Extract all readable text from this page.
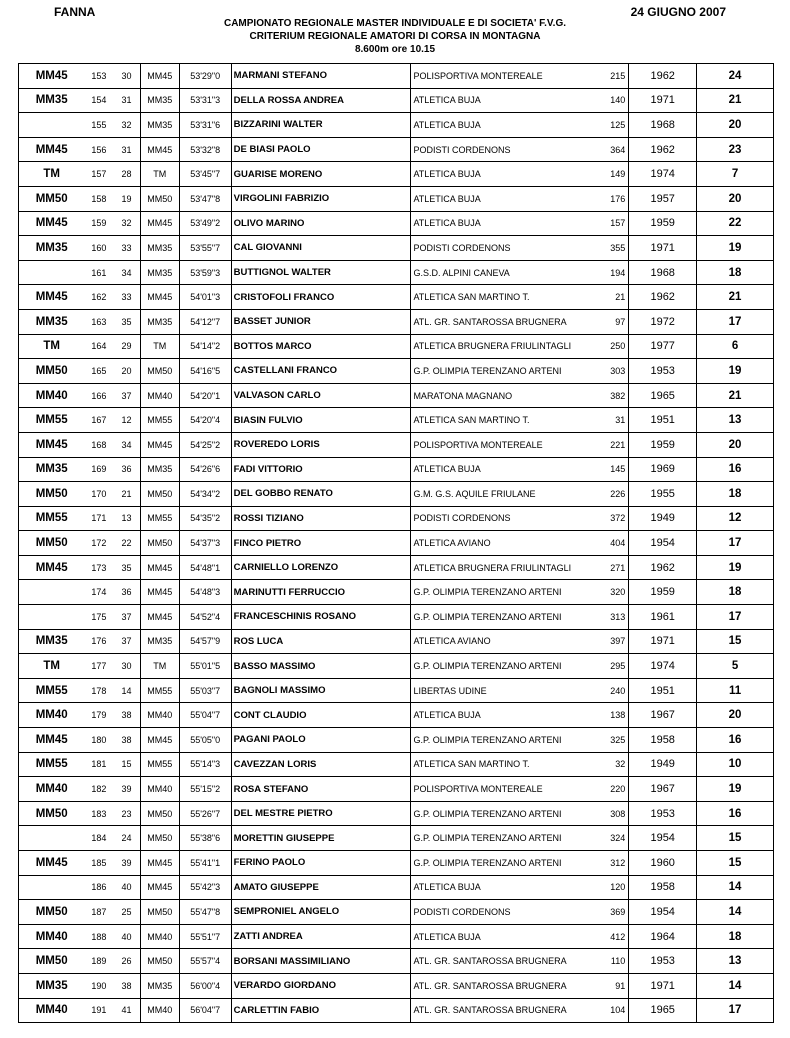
FANNA	24 GIUGNO 2007
CAMPIONATO REGIONALE MASTER INDIVIDUALE E DI SOCIETA' F.V.G.
CRITERIUM REGIONALE AMATORI DI CORSA IN MONTAGNA
8.600m ore 10.15
MM45	153	30	MM45	53'29"0	MARMANI STEFANO	POLISPORTIVA MONTEREALE	215	1962	24
MM35	154	31	MM35	53'31"3	DELLA ROSSA ANDREA	ATLETICA BUJA	140	1971	21
	155	32	MM35	53'31"6	BIZZARINI WALTER	ATLETICA BUJA	125	1968	20
MM45	156	31	MM45	53'32"8	DE BIASI PAOLO	PODISTI CORDENONS	364	1962	23
TM	157	28	TM	53'45"7	GUARISE MORENO	ATLETICA BUJA	149	1974	7
MM50	158	19	MM50	53'47"8	VIRGOLINI FABRIZIO	ATLETICA BUJA	176	1957	20
MM45	159	32	MM45	53'49"2	OLIVO MARINO	ATLETICA BUJA	157	1959	22
MM35	160	33	MM35	53'55"7	CAL GIOVANNI	PODISTI CORDENONS	355	1971	19
	161	34	MM35	53'59"3	BUTTIGNOL WALTER	G.S.D. ALPINI CANEVA	194	1968	18
MM45	162	33	MM45	54'01"3	CRISTOFOLI FRANCO	ATLETICA SAN MARTINO T.	21	1962	21
MM35	163	35	MM35	54'12"7	BASSET JUNIOR	ATL. GR. SANTAROSSA BRUGNERA	97	1972	17
TM	164	29	TM	54'14"2	BOTTOS MARCO	ATLETICA BRUGNERA FRIULINTAGLI	250	1977	6
MM50	165	20	MM50	54'16"5	CASTELLANI FRANCO	G.P. OLIMPIA TERENZANO ARTENI	303	1953	19
MM40	166	37	MM40	54'20"1	VALVASON CARLO	MARATONA MAGNANO	382	1965	21
MM55	167	12	MM55	54'20"4	BIASIN FULVIO	ATLETICA SAN MARTINO T.	31	1951	13
MM45	168	34	MM45	54'25"2	ROVEREDO LORIS	POLISPORTIVA MONTEREALE	221	1959	20
MM35	169	36	MM35	54'26"6	FADI VITTORIO	ATLETICA BUJA	145	1969	16
MM50	170	21	MM50	54'34"2	DEL GOBBO RENATO	G.M. G.S. AQUILE FRIULANE	226	1955	18
MM55	171	13	MM55	54'35"2	ROSSI TIZIANO	PODISTI CORDENONS	372	1949	12
MM50	172	22	MM50	54'37"3	FINCO PIETRO	ATLETICA AVIANO	404	1954	17
MM45	173	35	MM45	54'48"1	CARNIELLO LORENZO	ATLETICA BRUGNERA FRIULINTAGLI	271	1962	19
	174	36	MM45	54'48"3	MARINUTTI FERRUCCIO	G.P. OLIMPIA TERENZANO ARTENI	320	1959	18
	175	37	MM45	54'52"4	FRANCESCHINIS ROSANO	G.P. OLIMPIA TERENZANO ARTENI	313	1961	17
MM35	176	37	MM35	54'57"9	ROS LUCA	ATLETICA AVIANO	397	1971	15
TM	177	30	TM	55'01"5	BASSO MASSIMO	G.P. OLIMPIA TERENZANO ARTENI	295	1974	5
MM55	178	14	MM55	55'03"7	BAGNOLI MASSIMO	LIBERTAS UDINE	240	1951	11
MM40	179	38	MM40	55'04"7	CONT CLAUDIO	ATLETICA BUJA	138	1967	20
MM45	180	38	MM45	55'05"0	PAGANI PAOLO	G.P. OLIMPIA TERENZANO ARTENI	325	1958	16
MM55	181	15	MM55	55'14"3	CAVEZZAN LORIS	ATLETICA SAN MARTINO T.	32	1949	10
MM40	182	39	MM40	55'15"2	ROSA STEFANO	POLISPORTIVA MONTEREALE	220	1967	19
MM50	183	23	MM50	55'26"7	DEL MESTRE PIETRO	G.P. OLIMPIA TERENZANO ARTENI	308	1953	16
	184	24	MM50	55'38"6	MORETTIN GIUSEPPE	G.P. OLIMPIA TERENZANO ARTENI	324	1954	15
MM45	185	39	MM45	55'41"1	FERINO PAOLO	G.P. OLIMPIA TERENZANO ARTENI	312	1960	15
	186	40	MM45	55'42"3	AMATO GIUSEPPE	ATLETICA BUJA	120	1958	14
MM50	187	25	MM50	55'47"8	SEMPRONIEL ANGELO	PODISTI CORDENONS	369	1954	14
MM40	188	40	MM40	55'51"7	ZATTI ANDREA	ATLETICA BUJA	412	1964	18
MM50	189	26	MM50	55'57"4	BORSANI MASSIMILIANO	ATL. GR. SANTAROSSA BRUGNERA	110	1953	13
MM35	190	38	MM35	56'00"4	VERARDO GIORDANO	ATL. GR. SANTAROSSA BRUGNERA	91	1971	14
MM40	191	41	MM40	56'04"7	CARLETTIN FABIO	ATL. GR. SANTAROSSA BRUGNERA	104	1965	17
